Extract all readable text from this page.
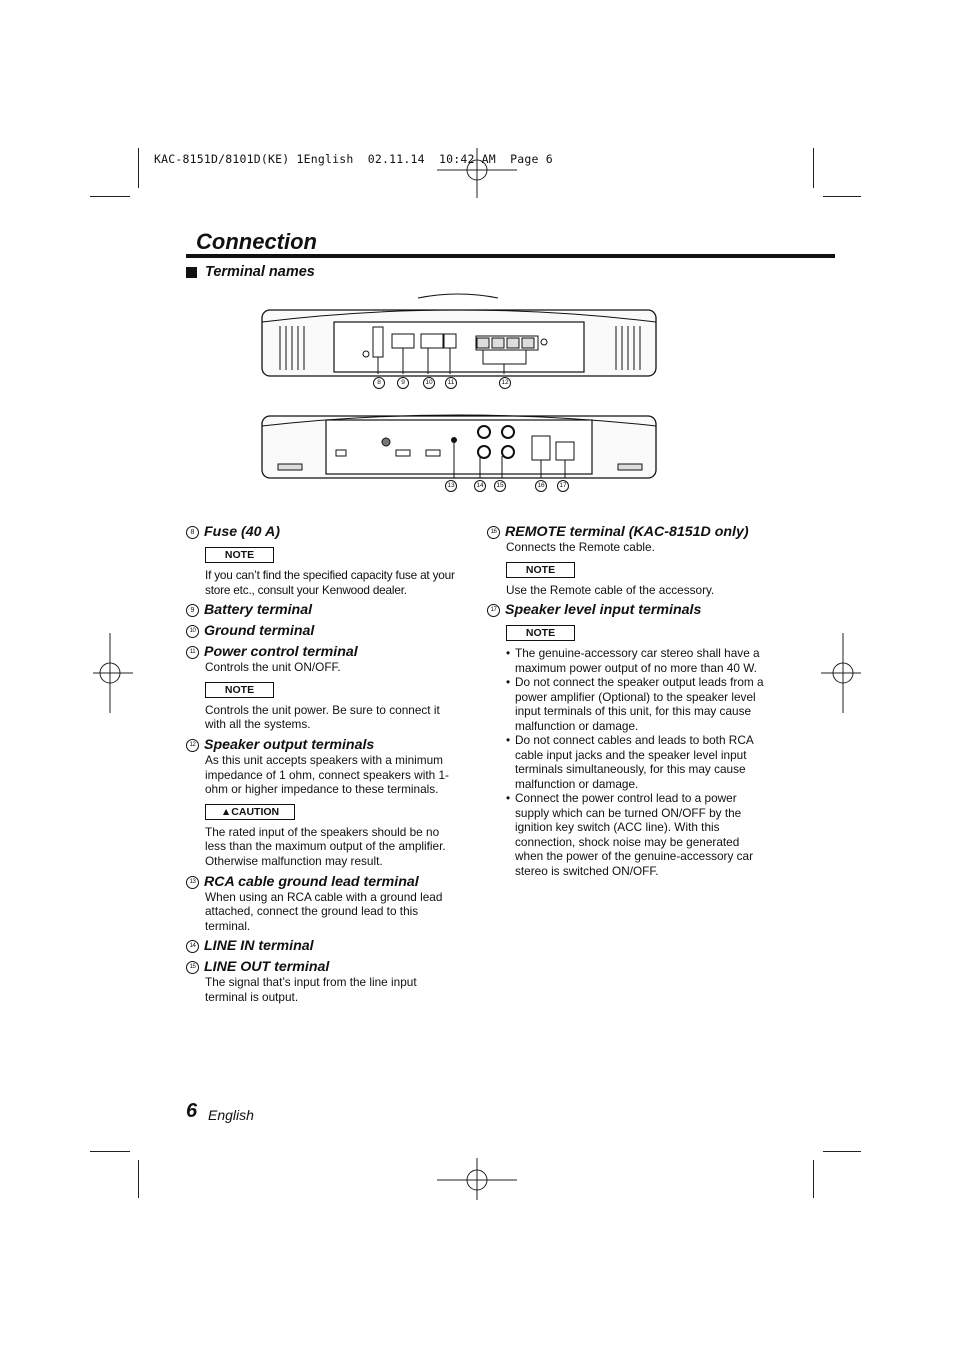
KAC-8151D/8101D(KE) 1English  02.11.14  10:42 AM  Page 6
Connection
Terminal names
8	9	10	11	12
13	14	15	16	17
8 Fuse (40 A)
NOTE
If you can’t find the specified capacity fuse at your store etc., consult your Kenwood dealer.
9 Battery terminal
10 Ground terminal
11 Power control terminal
Controls the unit ON/OFF.
NOTE
Controls the unit power. Be sure to connect it with all the systems.
12 Speaker output terminals
As this unit accepts speakers with a minimum impedance of 1 ohm, connect speakers with 1-ohm or higher impedance to these terminals.
▲CAUTION
The rated input of the speakers should be no less than the maximum output of the amplifier. Otherwise malfunction may result.
13 RCA cable ground lead terminal
When using an RCA cable with a ground lead attached, connect the ground lead to this terminal.
14 LINE IN terminal
15 LINE OUT terminal
The signal that’s input from the line input terminal is output.
16 REMOTE terminal (KAC-8151D only)
Connects the Remote cable.
NOTE
Use the Remote cable of the accessory.
17 Speaker level input terminals
NOTE
• The genuine-accessory car stereo shall have a maximum power output of no more than 40 W.
• Do not connect the speaker output leads from a power amplifier (Optional) to the speaker level input terminals of this unit, for this may cause malfunction or damage.
• Do not connect cables and leads to both RCA cable input jacks and the speaker level input terminals simultaneously, for this may cause malfunction or damage.
• Connect the power control lead to a power supply which can be turned ON/OFF by the ignition key switch (ACC line). With this connection, shock noise may be generated when the power of the genuine-accessory car stereo is switched ON/OFF.
6 English
